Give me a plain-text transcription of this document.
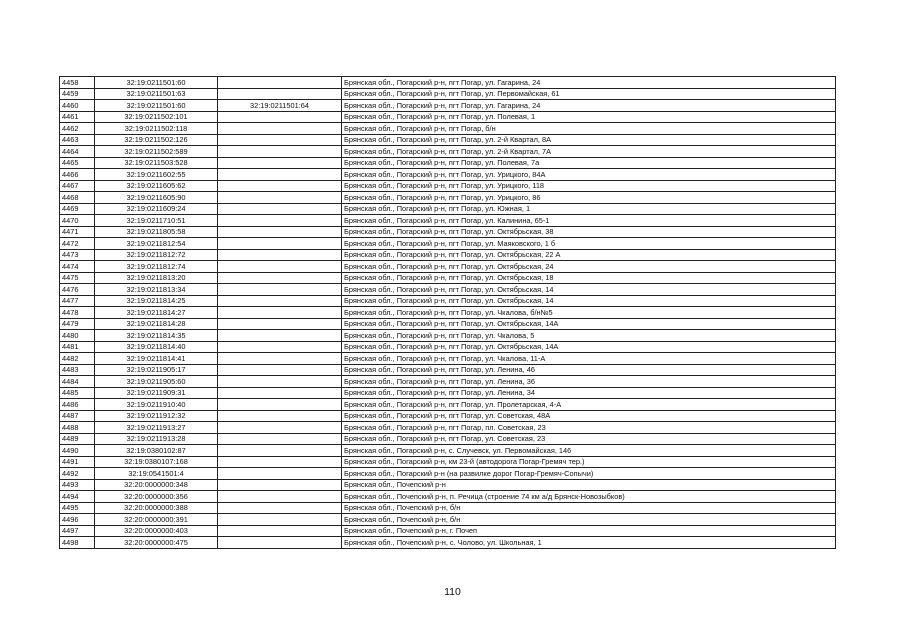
4458	32:19:0211501:60		Брянская обл., Погарский р-н, пгт Погар, ул. Гагарина, 24
4459	32:19:0211501:63		Брянская обл., Погарский р-н, пгт Погар, ул. Первомайская, 61
4460	32:19:0211501:60	32:19:0211501:64	Брянская обл., Погарский р-н, пгт Погар, ул. Гагарина, 24
4461	32:19:0211502:101		Брянская обл., Погарский р-н, пгт Погар, ул. Полевая, 1
4462	32:19:0211502:118		Брянская обл., Погарский р-н, пгт Погар, б/н
4463	32:19:0211502:126		Брянская обл., Погарский р-н, пгт Погар, ул. 2-й Квартал, 8А
4464	32:19:0211502:589		Брянская обл., Погарский р-н, пгт Погар, ул. 2-й Квартал, 7А
4465	32:19:0211503:528		Брянская обл., Погарский р-н, пгт Погар, ул. Полевая, 7а
4466	32:19:0211602:55		Брянская обл., Погарский р-н, пгт Погар, ул. Урицкого, 84А
4467	32:19:0211605:62		Брянская обл., Погарский р-н, пгт Погар, ул. Урицкого, 118
4468	32:19:0211605:90		Брянская обл., Погарский р-н, пгт Погар, ул. Урицкого, 86
4469	32:19:0211609:24		Брянская обл., Погарский р-н, пгт Погар, ул. Южная, 1
4470	32:19:0211710:51		Брянская обл., Погарский р-н, пгт Погар, ул. Калинина, 65-1
4471	32:19:0211805:58		Брянская обл., Погарский р-н, пгт Погар, ул. Октябрьская, 38
4472	32:19:0211812:54		Брянская обл., Погарский р-н, пгт Погар, ул. Маяковского, 1 б
4473	32:19:0211812:72		Брянская обл., Погарский р-н, пгт Погар, ул. Октябрьская, 22 А
4474	32:19:0211812:74		Брянская обл., Погарский р-н, пгт Погар, ул. Октябрьская, 24
4475	32:19:0211813:20		Брянская обл., Погарский р-н, пгт Погар, ул. Октябрьская, 18
4476	32:19:0211813:34		Брянская обл., Погарский р-н, пгт Погар, ул. Октябрьская, 14
4477	32:19:0211814:25		Брянская обл., Погарский р-н, пгт Погар, ул. Октябрьская, 14
4478	32:19:0211814:27		Брянская обл., Погарский р-н, пгт Погар, ул. Чкалова, б/н№5
4479	32:19:0211814:28		Брянская обл., Погарский р-н, пгт Погар, ул. Октябрьская, 14А
4480	32:19:0211814:35		Брянская обл., Погарский р-н, пгт Погар, ул. Чкалова, 5
4481	32:19:0211814:40		Брянская обл., Погарский р-н, пгт Погар, ул. Октябрьская, 14А
4482	32:19:0211814:41		Брянская обл., Погарский р-н, пгт Погар, ул. Чкалова, 11-А
4483	32:19:0211905:17		Брянская обл., Погарский р-н, пгт Погар, ул. Ленина, 46
4484	32:19:0211905:60		Брянская обл., Погарский р-н, пгт Погар, ул. Ленина, 36
4485	32:19:0211909:31		Брянская обл., Погарский р-н, пгт Погар, ул. Ленина, 34
4486	32:19:0211910:40		Брянская обл., Погарский р-н, пгт Погар, ул. Пролетарская, 4-А
4487	32:19:0211912:32		Брянская обл., Погарский р-н, пгт Погар, ул. Советская, 48А
4488	32:19:0211913:27		Брянская обл., Погарский р-н, пгт Погар, пл. Советская, 23
4489	32:19:0211913:28		Брянская обл., Погарский р-н, пгт Погар, ул. Советская, 23
4490	32:19:0380102:87		Брянская обл., Погарский р-н, с. Случевск, ул. Первомайская, 146
4491	32:19:0380107:168		Брянская обл., Погарский р-н, км 23-й (автодорога Погар-Гремяч тер.)
4492	32:19:0541501:4		Брянская обл., Погарский р-н (на развилке дорог Погар-Гремяч-Сопычи)
4493	32:20:0000000:348		Брянская обл., Почепский р-н
4494	32:20:0000000:356		Брянская обл., Почепский р-н, п. Речица (строение 74 км а/д Брянск-Новозыбков)
4495	32:20:0000000:388		Брянская обл., Почепский р-н, б/н
4496	32:20:0000000:391		Брянская обл., Почепский р-н, б/н
4497	32:20:0000000:403		Брянская обл., Почепский р-н, г. Почеп
4498	32:20:0000000:475		Брянская обл., Почепский р-н, с. Чолово, ул. Школьная, 1
110
